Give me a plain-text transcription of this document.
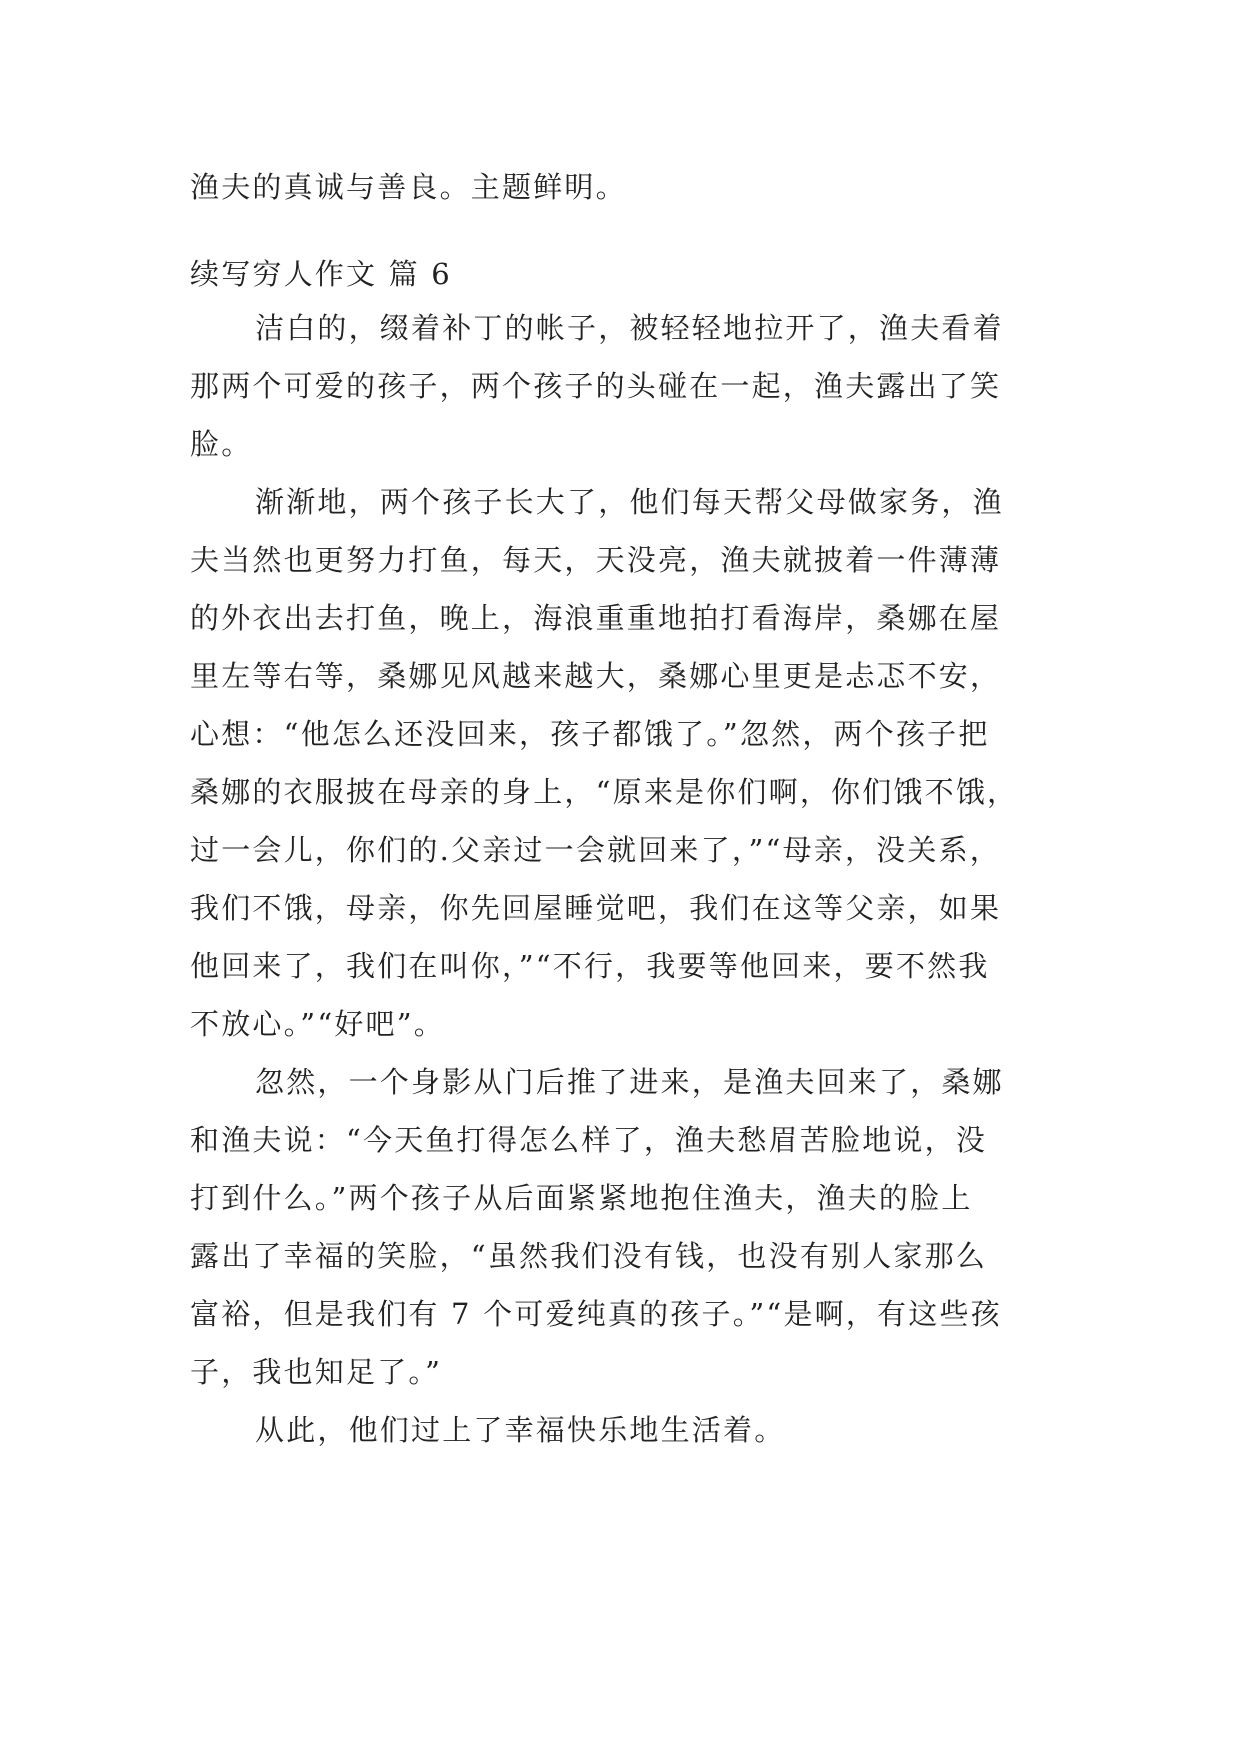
渔夫的真诚与善良。主题鲜明。
续写穷人作文 篇 6
洁白的，缀着补丁的帐子，被轻轻地拉开了，渔夫看着
那两个可爱的孩子，两个孩子的头碰在一起，渔夫露出了笑
脸。
渐渐地，两个孩子长大了，他们每天帮父母做家务，渔
夫当然也更努力打鱼，每天，天没亮，渔夫就披着一件薄薄
的外衣出去打鱼，晚上，海浪重重地拍打看海岸，桑娜在屋
里左等右等，桑娜见风越来越大，桑娜心里更是忐忑不安，
心想：“他怎么还没回来，孩子都饿了。”忽然，两个孩子把
桑娜的衣服披在母亲的身上，“原来是你们啊，你们饿不饿，
过一会儿，你们的.父亲过一会就回来了，”“母亲，没关系，
我们不饿，母亲，你先回屋睡觉吧，我们在这等父亲，如果
他回来了，我们在叫你，”“不行，我要等他回来，要不然我
不放心。”“好吧”。
忽然，一个身影从门后推了进来，是渔夫回来了，桑娜
和渔夫说：“今天鱼打得怎么样了，渔夫愁眉苦脸地说，没
打到什么。”两个孩子从后面紧紧地抱住渔夫，渔夫的脸上
露出了幸福的笑脸，“虽然我们没有钱，也没有别人家那么
富裕，但是我们有 7 个可爱纯真的孩子。”“是啊，有这些孩
子，我也知足了。”
从此，他们过上了幸福快乐地生活着。
